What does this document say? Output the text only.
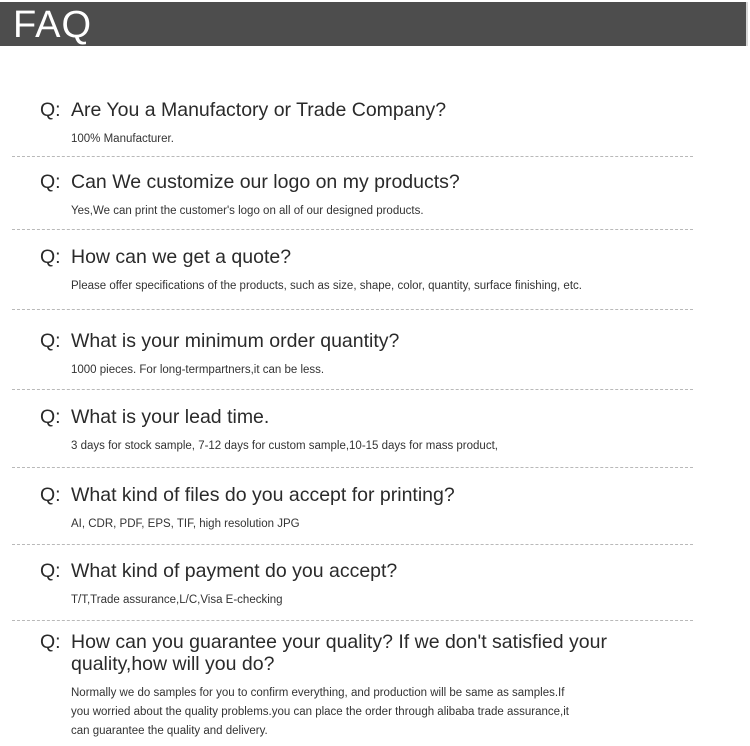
FAQ
Q: Are You a Manufactory or Trade Company?
100% Manufacturer.
Q: Can We customize our logo on my products?
Yes,We can print the customer's logo on all of our designed products.
Q: How can we get a quote?
Please offer specifications of the products, such as size, shape, color, quantity, surface finishing, etc.
Q: What is your minimum order quantity?
1000 pieces. For long-termpartners,it can be less.
Q: What is your lead time.
3 days for stock sample, 7-12 days for custom sample,10-15 days for mass product,
Q: What kind of files do you accept for printing?
AI, CDR, PDF, EPS, TIF, high resolution JPG
Q: What kind of payment do you accept?
T/T,Trade assurance,L/C,Visa E-checking
Q: How can you guarantee your quality? If we don't satisfied your quality,how will you do?
Normally we do samples for you to confirm everything, and production will be same as samples.If you worried about the quality problems.you can place the order through alibaba trade assurance,it can guarantee the quality and delivery.
